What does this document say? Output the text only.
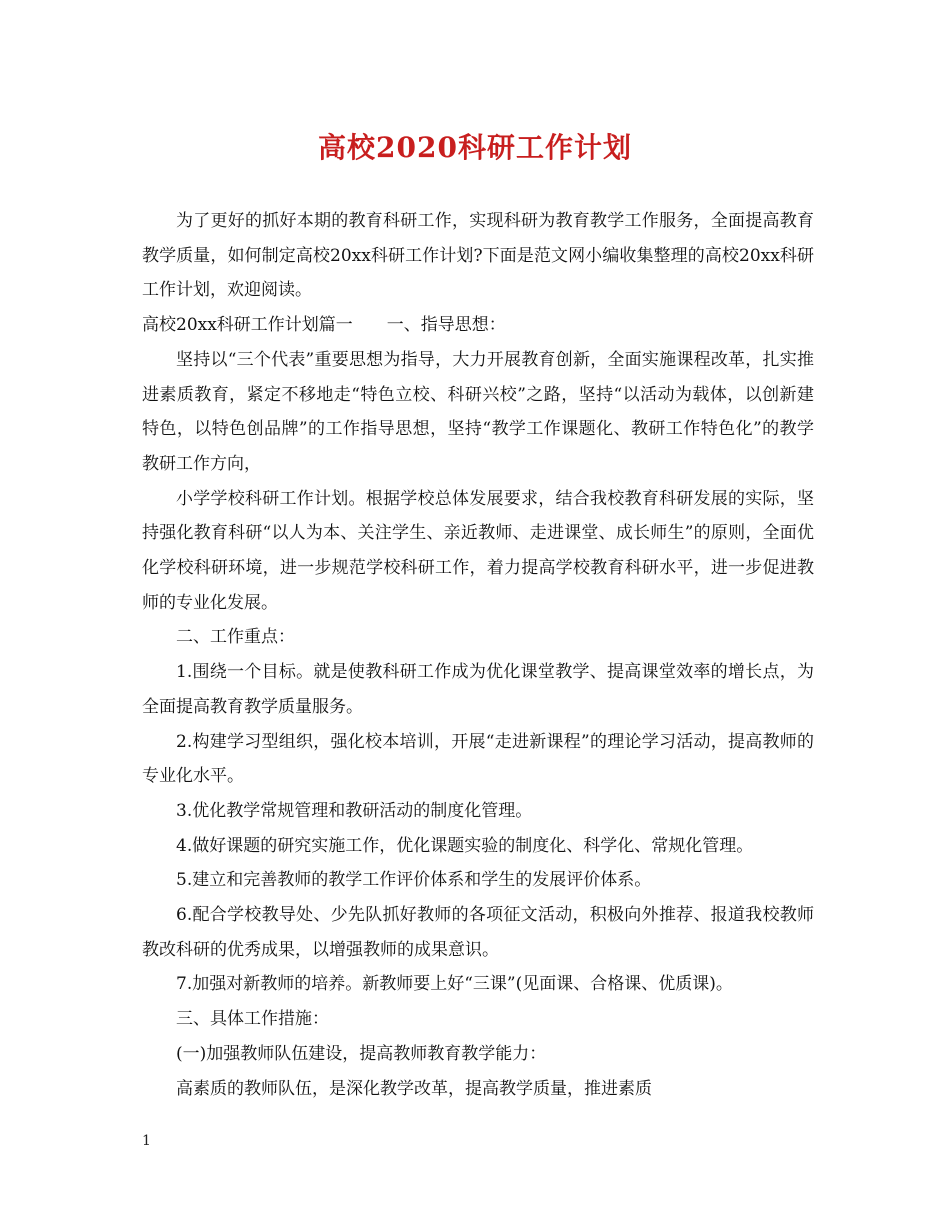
高校2020科研工作计划

为了更好的抓好本期的教育科研工作，实现科研为教育教学工作服务，全面提高教育教学质量，如何制定高校20xx科研工作计划?下面是范文网小编收集整理的高校20xx科研工作计划，欢迎阅读。

高校20xx科研工作计划篇一　　一、指导思想：

坚持以“三个代表”重要思想为指导，大力开展教育创新，全面实施课程改革，扎实推进素质教育，紧定不移地走“特色立校、科研兴校”之路，坚持“以活动为载体，以创新建特色，以特色创品牌”的工作指导思想，坚持“教学工作课题化、教研工作特色化”的教学教研工作方向，

小学学校科研工作计划。根据学校总体发展要求，结合我校教育科研发展的实际，坚持强化教育科研“以人为本、关注学生、亲近教师、走进课堂、成长师生”的原则，全面优化学校科研环境，进一步规范学校科研工作，着力提高学校教育科研水平，进一步促进教师的专业化发展。

二、工作重点：

1.围绕一个目标。就是使教科研工作成为优化课堂教学、提高课堂效率的增长点，为全面提高教育教学质量服务。

2.构建学习型组织，强化校本培训，开展“走进新课程”的理论学习活动，提高教师的专业化水平。

3.优化教学常规管理和教研活动的制度化管理。

4.做好课题的研究实施工作，优化课题实验的制度化、科学化、常规化管理。

5.建立和完善教师的教学工作评价体系和学生的发展评价体系。

6.配合学校教导处、少先队抓好教师的各项征文活动，积极向外推荐、报道我校教师教改科研的优秀成果，以增强教师的成果意识。

7.加强对新教师的培养。新教师要上好“三课”(见面课、合格课、优质课)。

三、具体工作措施：

(一)加强教师队伍建设，提高教师教育教学能力：

高素质的教师队伍，是深化教学改革，提高教学质量，推进素质

1
